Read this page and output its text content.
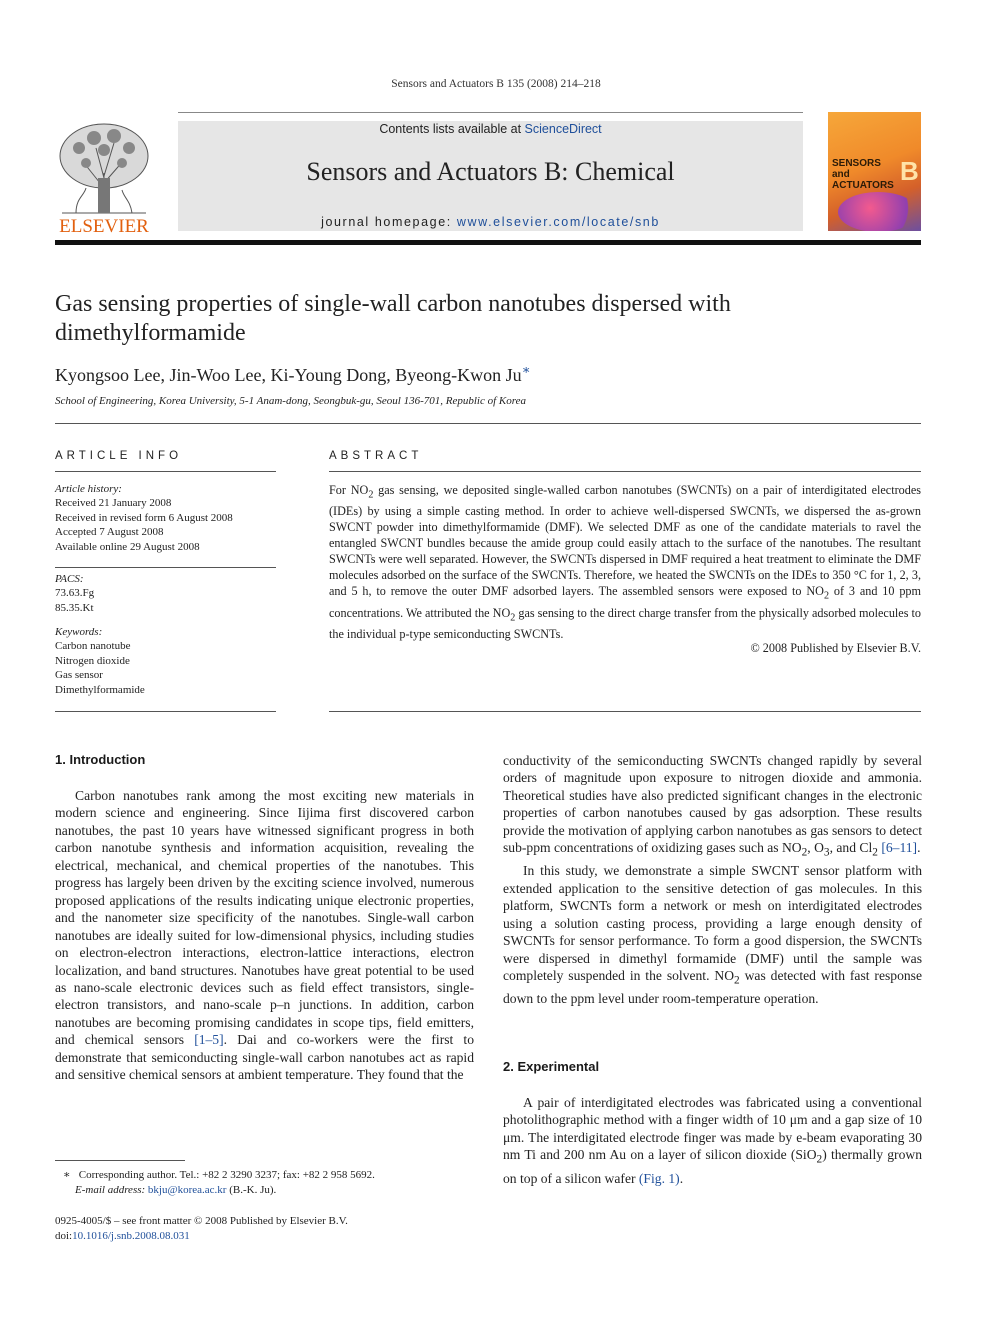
Sensors and Actuators B 135 (2008) 214–218
ELSEVIER
Contents lists available at ScienceDirect
Sensors and Actuators B: Chemical
journal homepage: www.elsevier.com/locate/snb
SENSORS and ACTUATORS B
Gas sensing properties of single-wall carbon nanotubes dispersed with dimethylformamide
Kyongsoo Lee, Jin-Woo Lee, Ki-Young Dong, Byeong-Kwon Ju∗
School of Engineering, Korea University, 5-1 Anam-dong, Seongbuk-gu, Seoul 136-701, Republic of Korea
ARTICLE INFO	ABSTRACT
Article history:
Received 21 January 2008
Received in revised form 6 August 2008
Accepted 7 August 2008
Available online 29 August 2008
PACS:
73.63.Fg
85.35.Kt
Keywords:
Carbon nanotube
Nitrogen dioxide
Gas sensor
Dimethylformamide
For $NO_2$ gas sensing, we deposited single-walled carbon nanotubes (SWCNTs) on a pair of interdigitated electrodes (IDEs) by using a simple casting method. In order to achieve well-dispersed SWCNTs, we dispersed the as-grown SWCNT powder into dimethylformamide (DMF). We selected DMF as one of the candidate materials to ravel the entangled SWCNT bundles because the amide group could easily attach to the surface of the nanotubes. The resultant SWCNTs were well separated. However, the SWCNTs dispersed in DMF required a heat treatment to eliminate the DMF molecules adsorbed on the surface of the SWCNTs. Therefore, we heated the SWCNTs on the IDEs to 350 °C for 1, 2, 3, and 5 h, to remove the outer DMF adsorbed layers. The assembled sensors were exposed to $NO_2$ of 3 and 10 ppm concentrations. We attributed the $NO_2$ gas sensing to the direct charge transfer from the physically adsorbed molecules to the individual p-type semiconducting SWCNTs.
© 2008 Published by Elsevier B.V.
1. Introduction

Carbon nanotubes rank among the most exciting new materials in modern science and engineering. Since Iijima first discovered carbon nanotubes, the past 10 years have witnessed significant progress in both carbon nanotube synthesis and information acquisition, revealing the electrical, mechanical, and chemical properties of the nanotubes. This progress has largely been driven by the exciting science involved, numerous proposed applications of the results indicating unique electronic properties, and the nanometer size specificity of the nanotubes. Single-wall carbon nanotubes are ideally suited for low-dimensional physics, including studies on electron-electron interactions, electron-lattice interactions, electron localization, and band structures. Nanotubes have great potential to be used as nano-scale electronic devices such as field effect transistors, single-electron transistors, and nano-scale p–n junctions. In addition, carbon nanotubes are becoming promising candidates in scope tips, field emitters, and chemical sensors [1–5]. Dai and co-workers were the first to demonstrate that semiconducting single-wall carbon nanotubes act as rapid and sensitive chemical sensors at ambient temperature. They found that the

conductivity of the semiconducting SWCNTs changed rapidly by several orders of magnitude upon exposure to nitrogen dioxide and ammonia. Theoretical studies have also predicted significant changes in the electronic properties of carbon nanotubes caused by gas adsorption. These results provide the motivation of applying carbon nanotubes as gas sensors to detect sub-ppm concentrations of oxidizing gases such as $NO_2$, $O_3$, and $Cl_2$ [6–11].

In this study, we demonstrate a simple SWCNT sensor platform with extended application to the sensitive detection of gas molecules. In this platform, SWCNTs form a network or mesh on interdigitated electrodes using a solution casting process, providing a large enough density of SWCNTs for sensor performance. To form a good dispersion, the SWCNTs were dispersed in dimethyl formamide (DMF) until the sample was completely suspended in the solvent. $NO_2$ was detected with fast response down to the ppm level under room-temperature operation.

2. Experimental

A pair of interdigitated electrodes was fabricated using a conventional photolithographic method with a finger width of 10 μm and a gap size of 10 μm. The interdigitated electrode finger was made by e-beam evaporating 30 nm Ti and 200 nm Au on a layer of silicon dioxide (SiO$_2$) thermally grown on top of a silicon wafer (Fig. 1).

∗ Corresponding author. Tel.: +82 2 3290 3237; fax: +82 2 958 5692.
E-mail address: bkju@korea.ac.kr (B.-K. Ju).
0925-4005/$ – see front matter © 2008 Published by Elsevier B.V.
doi:10.1016/j.snb.2008.08.031
